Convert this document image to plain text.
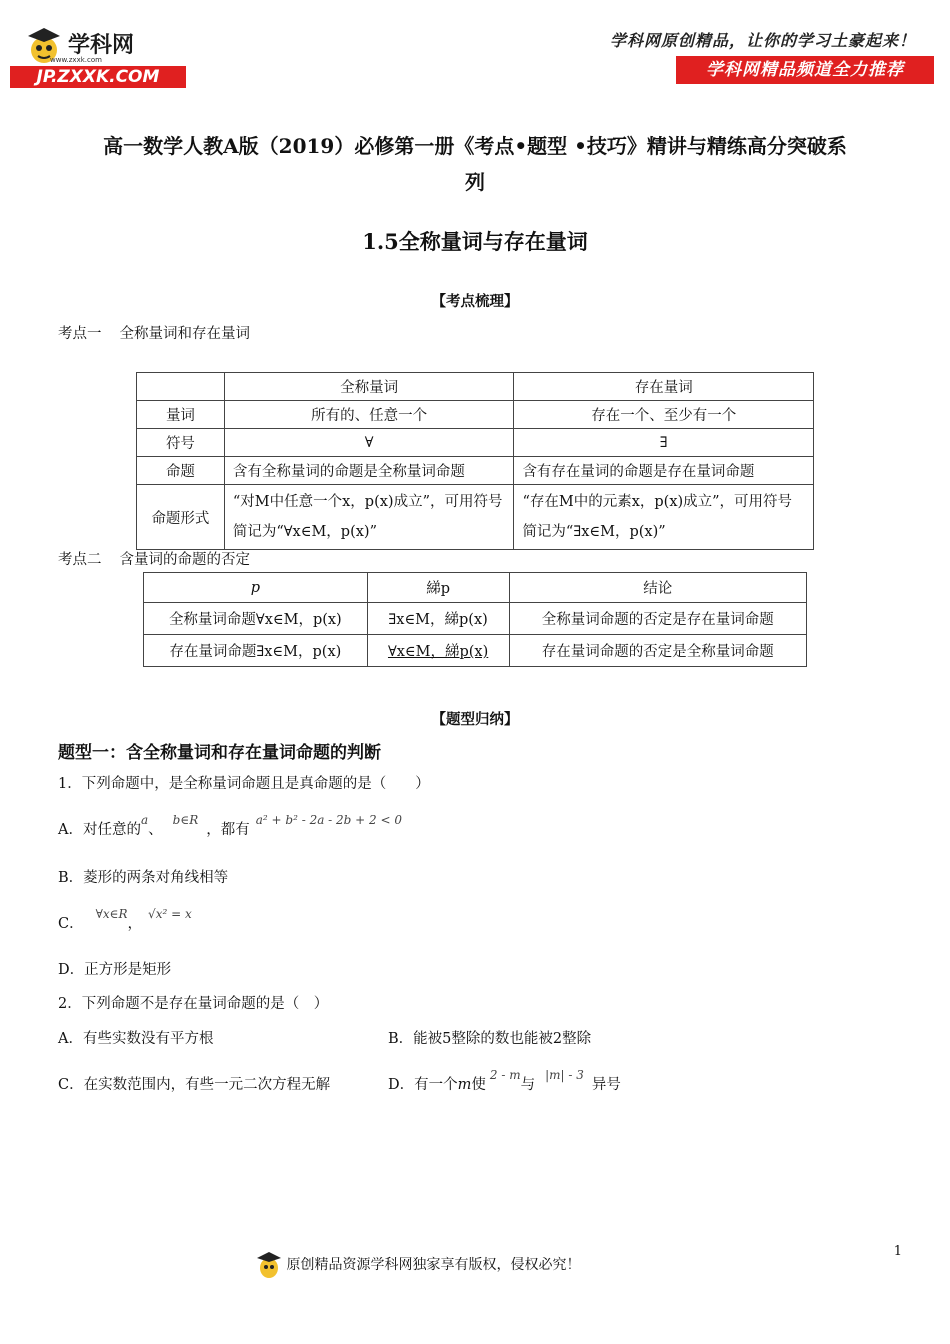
学科网
www.zxxk.com
JP.ZXXK.COM
学科网原创精品，让你的学习土豪起来！
学科网精品频道全力推荐
高一数学人教A版（2019）必修第一册《考点•题型 •技巧》精讲与精练高分突破系
列
1.5全称量词与存在量词
【考点梳理】
考点一 全称量词和存在量词
	全称量词	存在量词
量词	所有的、任意一个	存在一个、至少有一个
符号	∀	∃
命题	含有全称量词的命题是全称量词命题	含有存在量词的命题是存在量词命题
命题形式	“对M中任意一个x，p(x)成立”，可用符号简记为“∀x∈M，p(x)”	“存在M中的元素x，p(x)成立”，可用符号简记为“∃x∈M，p(x)”
考点二 含量词的命题的否定
p	綈p	结论
全称量词命题∀x∈M，p(x)	∃x∈M，綈p(x)	全称量词命题的否定是存在量词命题
存在量词命题∃x∈M，p(x)	∀x∈M，綈p(x)	存在量词命题的否定是全称量词命题
【题型归纳】
题型一：含全称量词和存在量词命题的判断
1．下列命题中，是全称量词命题且是真命题的是（　　）
A．对任意的$^a$、$^{b\in R}$，都有$^{a^2 + b^2 - 2a - 2b + 2 < 0}$
B．菱形的两条对角线相等
C．$^{\forall x\in R}$，$^{√x^2 = x}$
D．正方形是矩形
2．下列命题不是存在量词命题的是（　）
A．有些实数没有平方根	B．能被5整除的数也能被2整除
C．在实数范围内，有些一元二次方程无解	D．有一个m使$^{2 - m}$与$^{|m| - 3}$异号
1
原创精品资源学科网独家享有版权，侵权必究！
